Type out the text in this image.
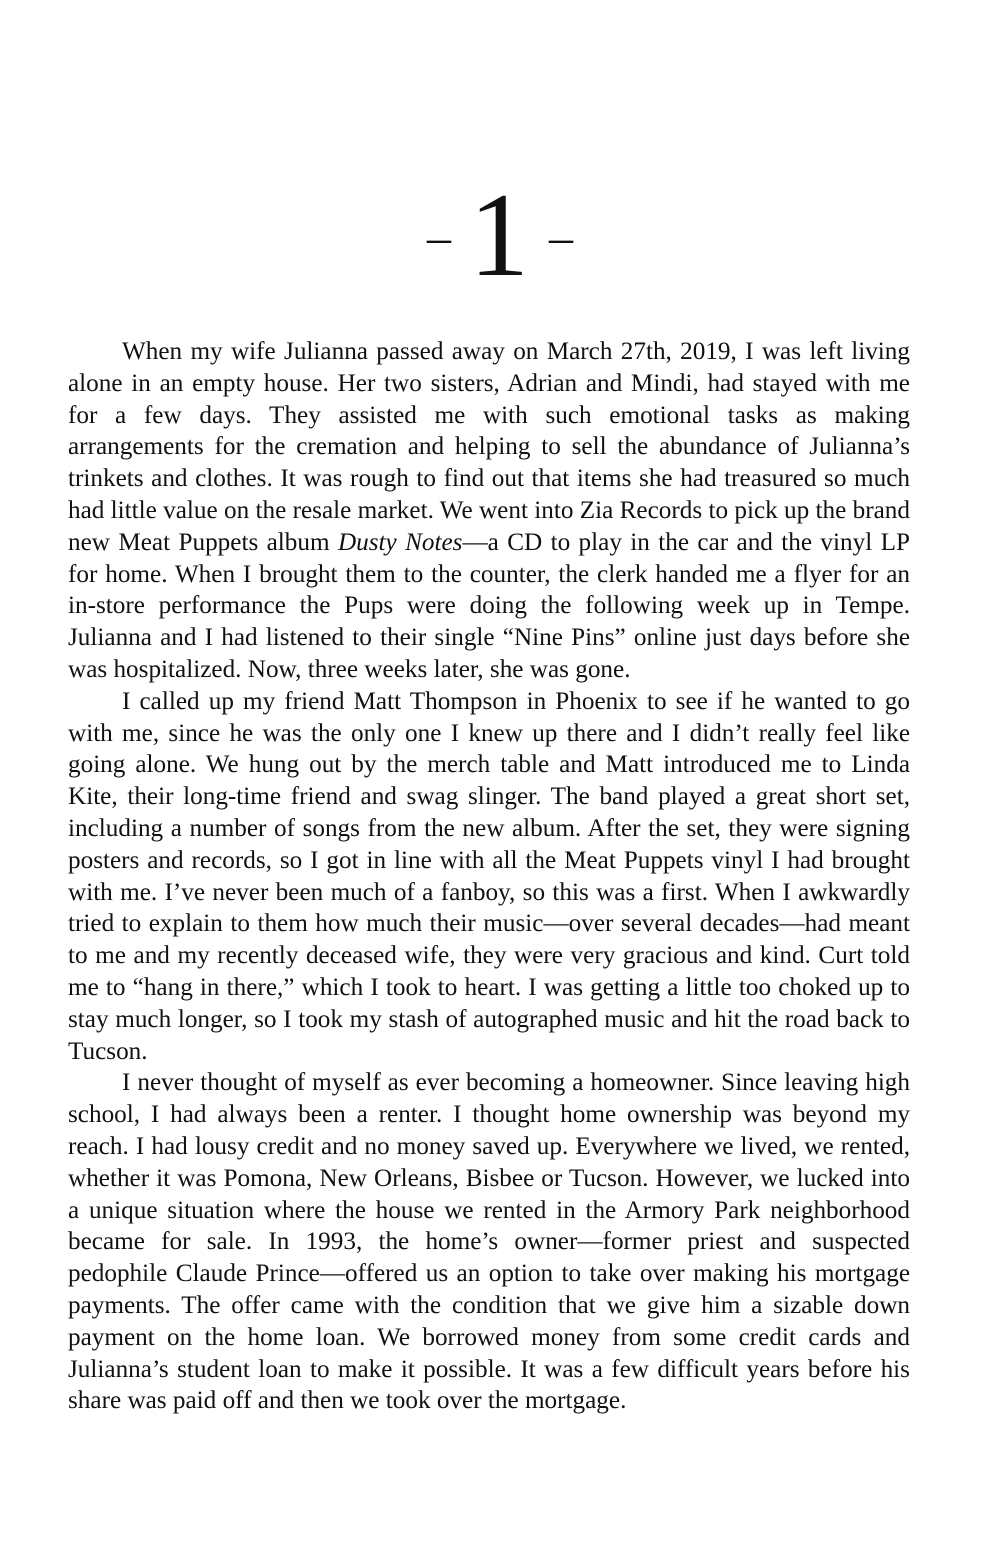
– 1 –

When my wife Julianna passed away on March 27th, 2019, I was left living alone in an empty house. Her two sisters, Adrian and Mindi, had stayed with me for a few days. They assisted me with such emotional tasks as making arrangements for the cremation and helping to sell the abundance of Julianna’s trinkets and clothes. It was rough to find out that items she had treasured so much had little value on the resale market. We went into Zia Records to pick up the brand new Meat Puppets album Dusty Notes—a CD to play in the car and the vinyl LP for home. When I brought them to the counter, the clerk handed me a flyer for an in-store performance the Pups were doing the following week up in Tempe. Julianna and I had listened to their single “Nine Pins” online just days before she was hospitalized. Now, three weeks later, she was gone.

I called up my friend Matt Thompson in Phoenix to see if he wanted to go with me, since he was the only one I knew up there and I didn’t really feel like going alone. We hung out by the merch table and Matt introduced me to Linda Kite, their long-time friend and swag slinger. The band played a great short set, including a number of songs from the new album. After the set, they were signing posters and records, so I got in line with all the Meat Puppets vinyl I had brought with me. I’ve never been much of a fanboy, so this was a first. When I awkwardly tried to explain to them how much their music—over several decades—had meant to me and my recently deceased wife, they were very gracious and kind. Curt told me to “hang in there,” which I took to heart. I was getting a little too choked up to stay much longer, so I took my stash of autographed music and hit the road back to Tucson.

I never thought of myself as ever becoming a homeowner. Since leaving high school, I had always been a renter. I thought home ownership was beyond my reach. I had lousy credit and no money saved up. Everywhere we lived, we rented, whether it was Pomona, New Orleans, Bisbee or Tucson. However, we lucked into a unique situation where the house we rented in the Armory Park neighborhood became for sale. In 1993, the home’s owner—former priest and suspected pedophile Claude Prince—offered us an option to take over making his mortgage payments. The offer came with the condition that we give him a sizable down payment on the home loan. We borrowed money from some credit cards and Julianna’s student loan to make it possible. It was a few difficult years before his share was paid off and then we took over the mortgage.
